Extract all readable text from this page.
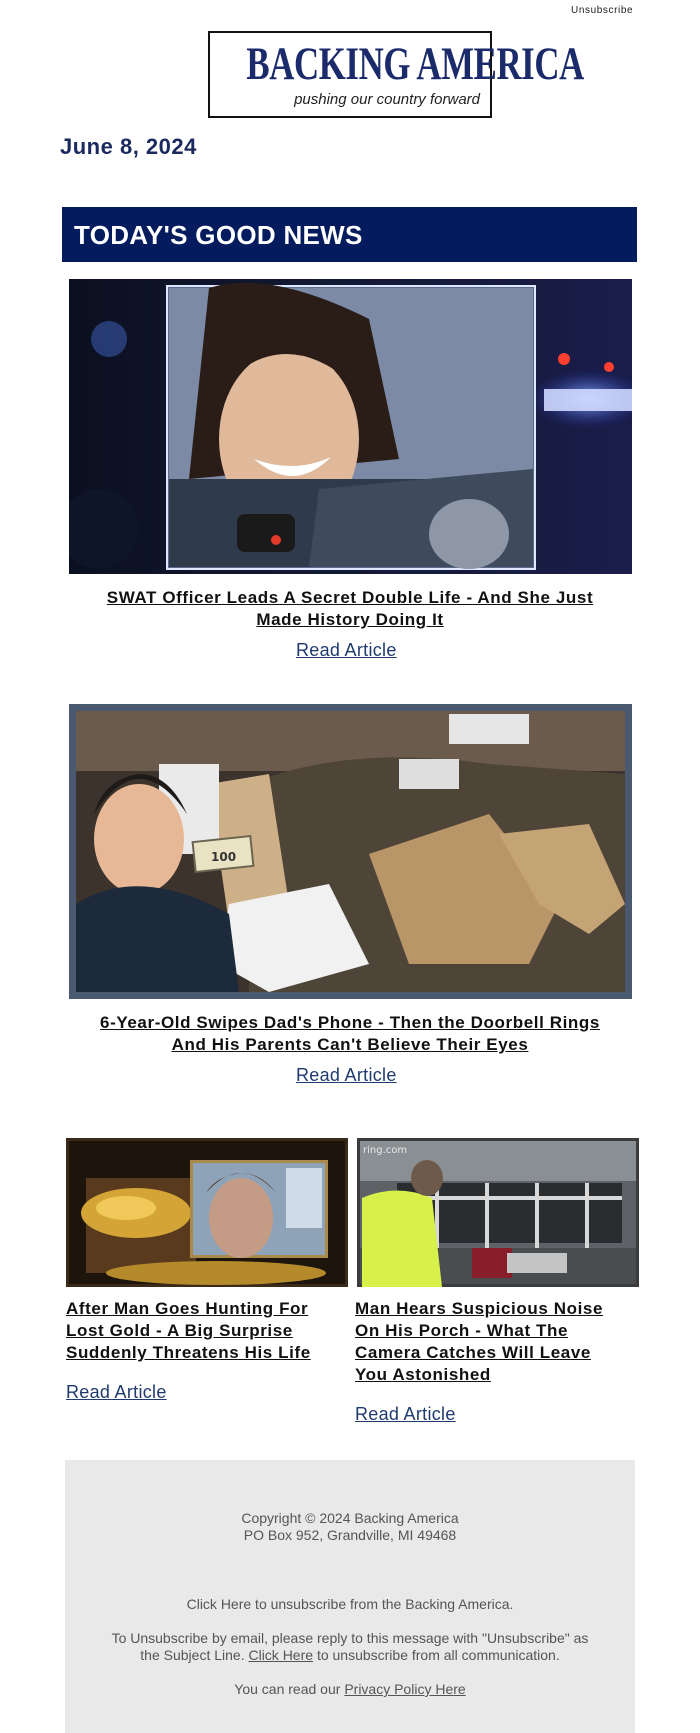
Unsubscribe
BACKING AMERICA
pushing our country forward
June 8, 2024
TODAY'S GOOD NEWS
SWAT Officer Leads A Secret Double Life - And She Just
Made History Doing It
Read Article
100
6-Year-Old Swipes Dad's Phone - Then the Doorbell Rings
And His Parents Can't Believe Their Eyes
Read Article
After Man Goes Hunting For
Lost Gold - A Big Surprise
Suddenly Threatens His Life
Read Article
ring.com
Man Hears Suspicious Noise
On His Porch - What The
Camera Catches Will Leave
You Astonished
Read Article
Copyright © 2024 Backing America
PO Box 952, Grandville, MI 49468
Click Here to unsubscribe from the Backing America.
To Unsubscribe by email, please reply to this message with "Unsubscribe" as
the Subject Line. Click Here to unsubscribe from all communication.
You can read our Privacy Policy Here
